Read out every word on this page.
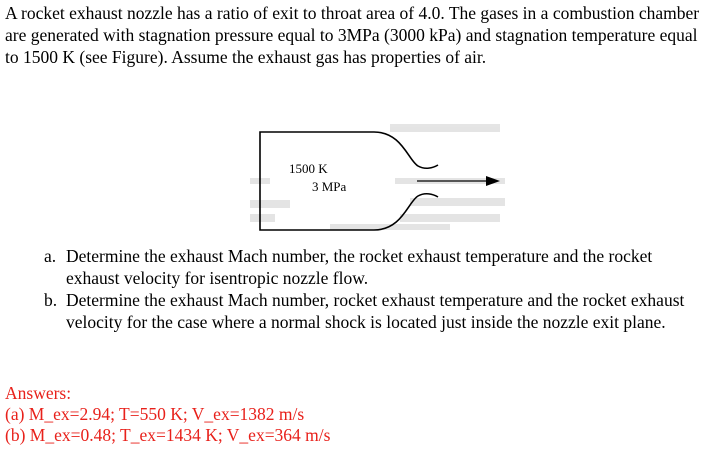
A rocket exhaust nozzle has a ratio of exit to throat area of 4.0. The gases in a combustion chamber are generated with stagnation pressure equal to 3MPa (3000 kPa) and stagnation temperature equal to 1500 K (see Figure). Assume the exhaust gas has properties of air.
1500 K
3 MPa
a. Determine the exhaust Mach number, the rocket exhaust temperature and the rocket exhaust velocity for isentropic nozzle flow.
b. Determine the exhaust Mach number, rocket exhaust temperature and the rocket exhaust velocity for the case where a normal shock is located just inside the nozzle exit plane.
Answers:
(a) M_ex=2.94; T=550 K; V_ex=1382 m/s
(b) M_ex=0.48; T_ex=1434 K; V_ex=364 m/s
